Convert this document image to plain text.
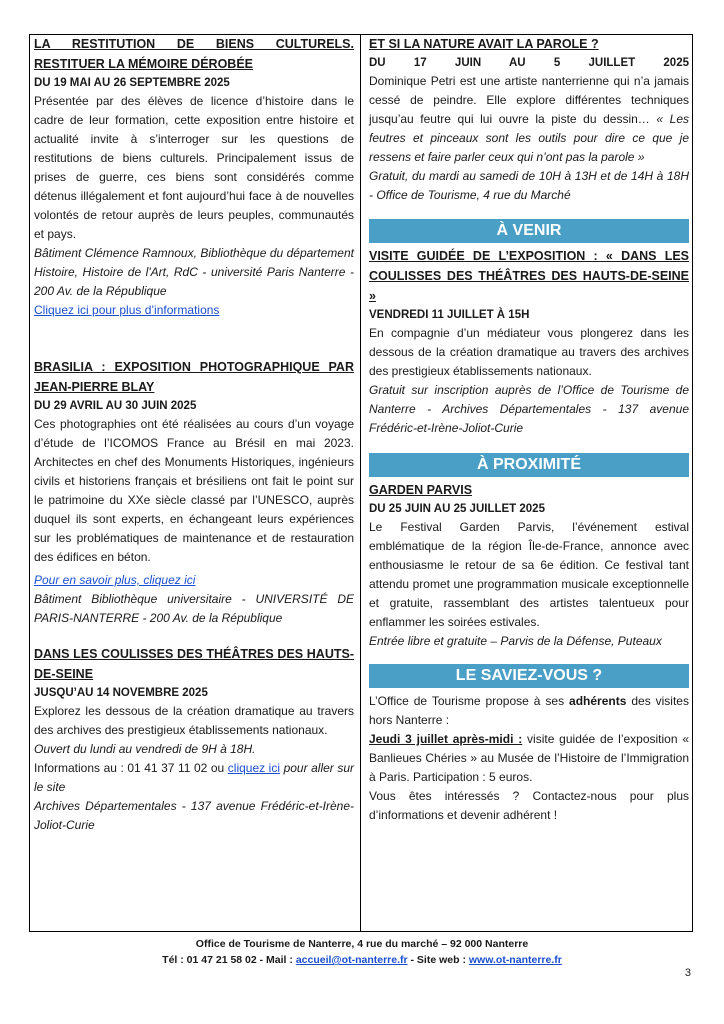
LA RESTITUTION DE BIENS CULTURELS. RESTITUER LA MÉMOIRE DÉROBÉE
DU 19 MAI AU 26 SEPTEMBRE 2025

Présentée par des élèves de licence d’histoire dans le cadre de leur formation, cette exposition entre histoire et actualité invite à s’interroger sur les questions de restitutions de biens culturels. Principalement issus de prises de guerre, ces biens sont considérés comme détenus illégalement et font aujourd’hui face à de nouvelles volontés de retour auprès de leurs peuples, communautés et pays.

Bâtiment Clémence Ramnoux, Bibliothèque du département Histoire, Histoire de l'Art, RdC - université Paris Nanterre - 200 Av. de la République

Cliquez ici pour plus d’informations

BRASILIA : EXPOSITION PHOTOGRAPHIQUE PAR JEAN-PIERRE BLAY
DU 29 AVRIL AU 30 JUIN 2025

Ces photographies ont été réalisées au cours d’un voyage d’étude de l’ICOMOS France au Brésil en mai 2023. Architectes en chef des Monuments Historiques, ingénieurs civils et historiens français et brésiliens ont fait le point sur le patrimoine du XXe siècle classé par l’UNESCO, auprès duquel ils sont experts, en échangeant leurs expériences sur les problématiques de maintenance et de restauration des édifices en béton.

Pour en savoir plus, cliquez ici

Bâtiment Bibliothèque universitaire - UNIVERSITÉ DE PARIS-NANTERRE - 200 Av. de la République

DANS LES COULISSES DES THÉÂTRES DES HAUTS-DE-SEINE
JUSQU’AU 14 NOVEMBRE 2025

Explorez les dessous de la création dramatique au travers des archives des prestigieux établissements nationaux.

Ouvert du lundi au vendredi de 9H à 18H.

Informations au : 01 41 37 11 02 ou cliquez ici pour aller sur le site

Archives Départementales - 137 avenue Frédéric-et-Irène-Joliot-Curie

ET SI LA NATURE AVAIT LA PAROLE ?
DU 17 JUIN AU 5 JUILLET 2025

Dominique Petri est une artiste nanterrienne qui n’a jamais cessé de peindre. Elle explore différentes techniques jusqu’au feutre qui lui ouvre la piste du dessin… « Les feutres et pinceaux sont les outils pour dire ce que je ressens et faire parler ceux qui n’ont pas la parole »

Gratuit, du mardi au samedi de 10H à 13H et de 14H à 18H - Office de Tourisme, 4 rue du Marché

À VENIR
VISITE GUIDÉE DE L’EXPOSITION : « DANS LES COULISSES DES THÉÂTRES DES HAUTS-DE-SEINE »
VENDREDI 11 JUILLET À 15H

En compagnie d’un médiateur vous plongerez dans les dessous de la création dramatique au travers des archives des prestigieux établissements nationaux.

Gratuit sur inscription auprès de l’Office de Tourisme de Nanterre - Archives Départementales - 137 avenue Frédéric-et-Irène-Joliot-Curie

À PROXIMITÉ
GARDEN PARVIS
DU 25 JUIN AU 25 JUILLET 2025

Le Festival Garden Parvis, l’événement estival emblématique de la région Île-de-France, annonce avec enthousiasme le retour de sa 6e édition. Ce festival tant attendu promet une programmation musicale exceptionnelle et gratuite, rassemblant des artistes talentueux pour enflammer les soirées estivales.

Entrée libre et gratuite – Parvis de la Défense, Puteaux

LE SAVIEZ-VOUS ?

L’Office de Tourisme propose à ses adhérents des visites hors Nanterre :

Jeudi 3 juillet après-midi : visite guidée de l’exposition « Banlieues Chéries » au Musée de l’Histoire de l’Immigration à Paris. Participation : 5 euros.

Vous êtes intéressés ? Contactez-nous pour plus d’informations et devenir adhérent !

Office de Tourisme de Nanterre, 4 rue du marché – 92 000 Nanterre
Tél : 01 47 21 58 02 - Mail : accueil@ot-nanterre.fr - Site web : www.ot-nanterre.fr
3
